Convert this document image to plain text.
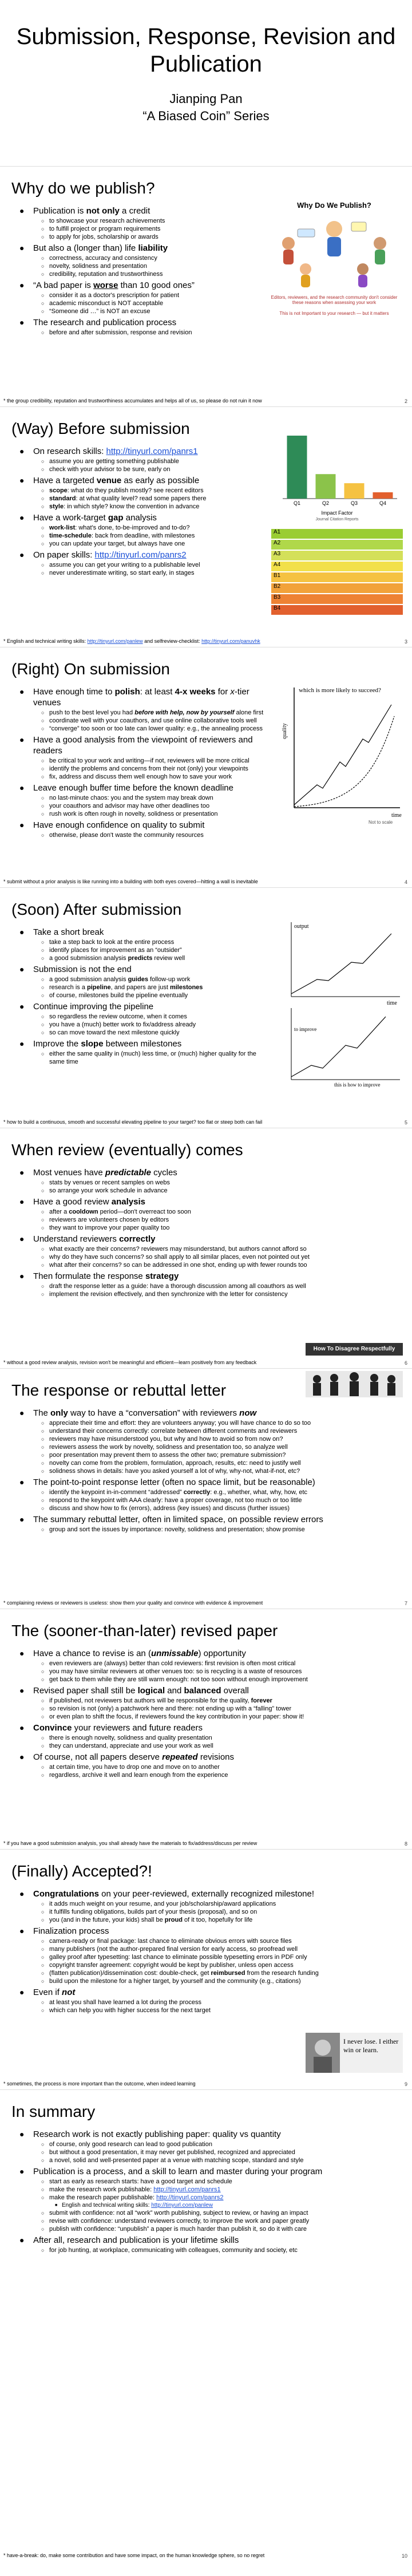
Submission, Response, Revision and Publication
Jianping Pan
“A Biased Coin” Series
Why do we publish?
● Publication is not only a credit
○ to showcase your research achievements
○ to fulfill project or program requirements
○ to apply for jobs, scholarship or awards
● But also a (longer than) life liability
○ correctness, accuracy and consistency
○ novelty, solidness and presentation
○ credibility, reputation and trustworthiness
● “A bad paper is worse than 10 good ones”
○ consider it as a doctor's prescription for patient
○ academic misconduct is NOT acceptable
○ “Someone did …” is NOT an excuse
● The research and publication process
○ before and after submission, response and revision
Why Do We Publish?
Editors, reviewers, and the research community don't consider these reasons when assessing your work
This is not Important to your research — but it matters
* the group credibility, reputation and trustworthiness accumulates and helps all of us, so please do not ruin it now	2
(Way) Before submission
● On research skills: http://tinyurl.com/panrs1
○ assume you are getting something publishable
○ check with your advisor to be sure, early on
● Have a targeted venue as early as possible
○ scope: what do they publish mostly? see recent editors
○ standard: at what quality level? read some papers there
○ style: in which style? know the convention in advance
● Have a work-target gap analysis
○ work-list: what's done, to-be-improved and to-do?
○ time-schedule: back from deadline, with milestones
○ you can update your target, but always have one
● On paper skills: http://tinyurl.com/panrs2
○ assume you can get your writing to a publishable level
○ never underestimate writing, so start early, in stages
Impact Factor
Journal Citation Reports
Q1	Q2	Q3	Q4
A1
A2
A3
A4
B1
B2
B3
B4
* English and technical writing skills: http://tinyurl.com/panlew and selfreview-checklist: http://tinyurl.com/panuvhk	3
(Right) On submission
● Have enough time to polish: at least 4-x weeks for x-tier venues
○ push to the best level you had before with help, now by yourself alone first
○ coordinate well with your coauthors, and use online collaborative tools well
○ “converge” too soon or too late can lower quality: e.g., the annealing process
● Have a good analysis from the viewpoint of reviewers and readers
○ be critical to your work and writing—if not, reviewers will be more critical
○ identify the problems and concerns from their not (only) your viewpoints
○ fix, address and discuss them well enough how to save your work
● Leave enough buffer time before the known deadline
○ no last-minute chaos: you and the system may break down
○ your coauthors and advisor may have other deadlines too
○ rush work is often rough in novelty, solidness or presentation
● Have enough confidence on quality to submit
○ otherwise, please don't waste the community resources
which is more likely to succeed?
quality
time
Not to scale
* submit without a prior analysis is like running into a building with both eyes covered—hitting a wall is inevitable	4
(Soon) After submission
● Take a short break
○ take a step back to look at the entire process
○ identify places for improvement as an “outsider”
○ a good submission analysis predicts review well
● Submission is not the end
○ a good submission analysis guides follow-up work
○ research is a pipeline, and papers are just milestones
○ of course, milestones build the pipeline eventually
● Continue improving the pipeline
○ so regardless the review outcome, when it comes
○ you have a (much) better work to fix/address already
○ so can move toward the next milestone quickly
● Improve the slope between milestones
○ either the same quality in (much) less time, or (much) higher quality for the same time
output
time
to improve
this is how to improve
* how to build a continuous, smooth and successful elevating pipeline to your target? too flat or steep both can fail	5
When review (eventually) comes
● Most venues have predictable cycles
○ stats by venues or recent samples on webs
○ so arrange your work schedule in advance
● Have a good review analysis
○ after a cooldown period—don't overreact too soon
○ reviewers are volunteers chosen by editors
○ they want to improve your paper quality too
● Understand reviewers correctly
○ what exactly are their concerns? reviewers may misunderstand, but authors cannot afford so
○ why do they have such concerns? so shall apply to all similar places, even not pointed out yet
○ what after their concerns? so can be addressed in one shot, ending up with fewer rounds too
● Then formulate the response strategy
○ draft the response letter as a guide: have a thorough discussion among all coauthors as well
○ implement the revision effectively, and then synchronize with the letter for consistency
How To Disagree Respectfully
* without a good review analysis, revision won't be meaningful and efficient—learn positively from any feedback	6
The response or rebuttal letter
● The only way to have a “conversation” with reviewers now
○ appreciate their time and effort: they are volunteers anyway; you will have chance to do so too
○ understand their concerns correctly: correlate between different comments and reviewers
○ reviewers may have misunderstood you, but why and how to avoid so from now on?
○ reviewers assess the work by novelty, solidness and presentation too, so analyze well
○ poor presentation may prevent them to assess the other two; premature submission?
○ novelty can come from the problem, formulation, approach, results, etc: need to justify well
○ solidness shows in details: have you asked yourself a lot of why, why-not, what-if-not, etc?
● The point-to-point response letter (often no space limit, but be reasonable)
○ identify the keypoint in-in-comment “addressed” correctly: e.g., whether, what, why, how, etc
○ respond to the keypoint with AAA clearly: have a proper coverage, not too much or too little
○ discuss and show how to fix (errors), address (key issues) and discuss (further issues)
● The summary rebuttal letter, often in limited space, on possible review errors
○ group and sort the issues by importance: novelty, solidness and presentation; show promise
* complaining reviews or reviewers is useless: show them your quality and convince with evidence & improvement	7
The (sooner-than-later) revised paper
● Have a chance to revise is an (unmissable) opportunity
○ even reviewers are (always) better than cold reviewers: first revision is often most critical
○ you may have similar reviewers at other venues too: so is recycling is a waste of resources
○ get back to them while they are still warm enough: not too soon without enough improvement
● Revised paper shall still be logical and balanced overall
○ if published, not reviewers but authors will be responsible for the quality, forever
○ so revision is not (only) a patchwork here and there: not ending up with a “falling” tower
○ or even plan to shift the focus, if reviewers found the key contribution in your paper: show it!
● Convince your reviewers and future readers
○ there is enough novelty, solidness and quality presentation
○ they can understand, appreciate and use your work as well
● Of course, not all papers deserve repeated revisions
○ at certain time, you have to drop one and move on to another
○ regardless, archive it well and learn enough from the experience
* if you have a good submission analysis, you shall already have the materials to fix/address/discuss per review	8
(Finally) Accepted?!
● Congratulations on your peer-reviewed, externally recognized milestone!
○ it adds much weight on your resume, and your job/scholarship/award applications
○ it fulfills funding obligations, builds part of your thesis (proposal), and so on
○ you (and in the future, your kids) shall be proud of it too, hopefully for life
● Finalization process
○ camera-ready or final package: last chance to eliminate obvious errors with source files
○ many publishers (not the author-prepared final version for early access, so proofread well
○ galley proof after typesetting: last chance to eliminate possible typesetting errors in PDF only
○ copyright transfer agreement: copyright would be kept by publisher, unless open access
○ (flatten publication)/dissemination cost: double-check, get reimbursed from the research funding
○ build upon the milestone for a higher target, by yourself and the community (e.g., citations)
● Even if not
○ at least you shall have learned a lot during the process
○ which can help you with higher success for the next target
I never lose. I either win or learn.
* sometimes, the process is more important than the outcome, when indeed learning	9
In summary
● Research work is not exactly publishing paper: quality vs quantity
○ of course, only good research can lead to good publication
○ but without a good presentation, it may never get published, recognized and appreciated
○ a novel, solid and well-presented paper at a venue with matching scope, standard and style
● Publication is a process, and a skill to learn and master during your program
○ start as early as research starts: have a good target and schedule
○ make the research work publishable: http://tinyurl.com/panrs1
○ make the research paper publishable: http://tinyurl.com/panrs2
■ English and technical writing skills: http://tinyurl.com/panlew
○ submit with confidence: not all “work” worth publishing, subject to review, or having an impact
○ revise with confidence: understand reviewers correctly, to improve the work and paper greatly
○ publish with confidence: “unpublish” a paper is much harder than publish it, so do it with care
● After all, research and publication is your lifetime skills
○ for job hunting, at workplace, communicating with colleagues, community and society, etc
* have-a-break: do, make some contribution and have some impact, on the human knowledge sphere, so no regret	10
